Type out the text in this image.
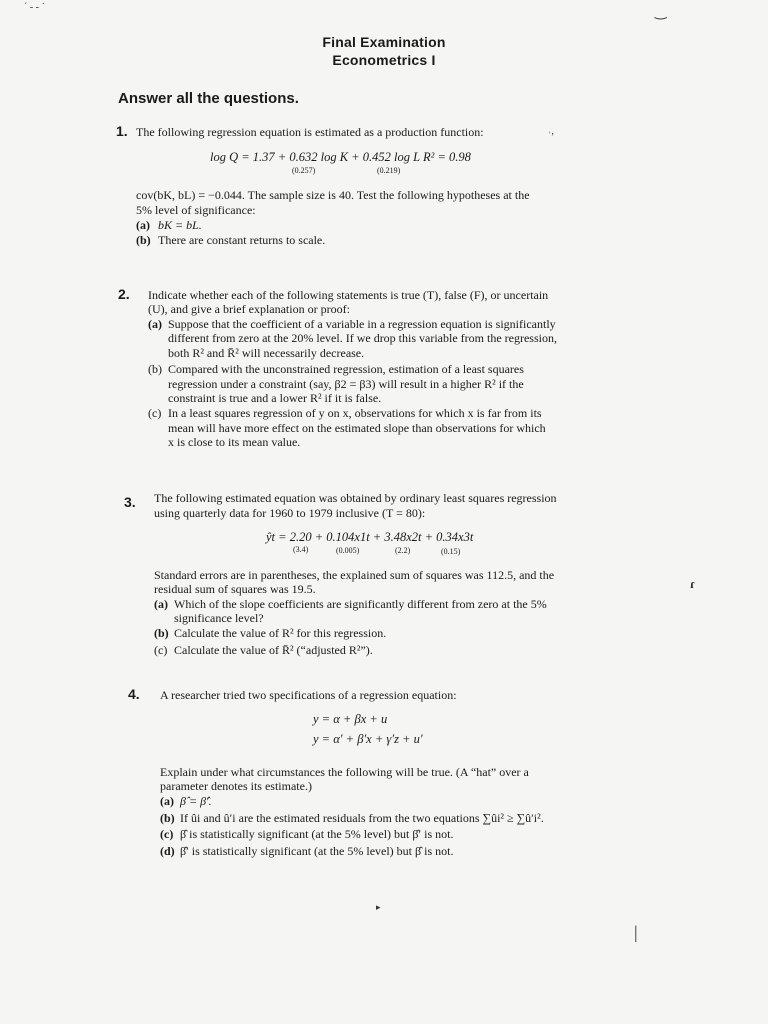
ˊ ‐ ‐ ˙	‿
˒,
ɾ
|
▸
Final Examination
Econometrics I
Answer all the questions.
1. The following regression equation is estimated as a production function:
log Q = 1.37 + 0.632 log K + 0.452 log L R² = 0.98
(0.257)	(0.219)
cov(bK, bL) = −0.044. The sample size is 40. Test the following hypotheses at the
5% level of significance:
(a) bK = bL.
(b) There are constant returns to scale.
2. Indicate whether each of the following statements is true (T), false (F), or uncertain
(U), and give a brief explanation or proof:
(a) Suppose that the coefficient of a variable in a regression equation is significantly
different from zero at the 20% level. If we drop this variable from the regression,
both R² and R̄² will necessarily decrease.
(b) Compared with the unconstrained regression, estimation of a least squares
regression under a constraint (say, β2 = β3) will result in a higher R² if the
constraint is true and a lower R² if it is false.
(c) In a least squares regression of y on x, observations for which x is far from its
mean will have more effect on the estimated slope than observations for which
x is close to its mean value.
3. The following estimated equation was obtained by ordinary least squares regression
using quarterly data for 1960 to 1979 inclusive (T = 80):
ŷt = 2.20 + 0.104x1t + 3.48x2t + 0.34x3t
(3.4)	(0.005)	(2.2)	(0.15)
Standard errors are in parentheses, the explained sum of squares was 112.5, and the
residual sum of squares was 19.5.
(a) Which of the slope coefficients are significantly different from zero at the 5%
significance level?
(b) Calculate the value of R² for this regression.
(c) Calculate the value of R̄² (“adjusted R²”).
4. A researcher tried two specifications of a regression equation:
y = α + βx + u
y = α′ + β′x + γ′z + u′
Explain under what circumstances the following will be true. (A “hat” over a
parameter denotes its estimate.)
(a) β̂ = β̂′.
(b) If ûi and û′i are the estimated residuals from the two equations ∑ûi² ≥ ∑û′i².
(c) β̂ is statistically significant (at the 5% level) but β̂′ is not.
(d) β̂′ is statistically significant (at the 5% level) but β̂ is not.
